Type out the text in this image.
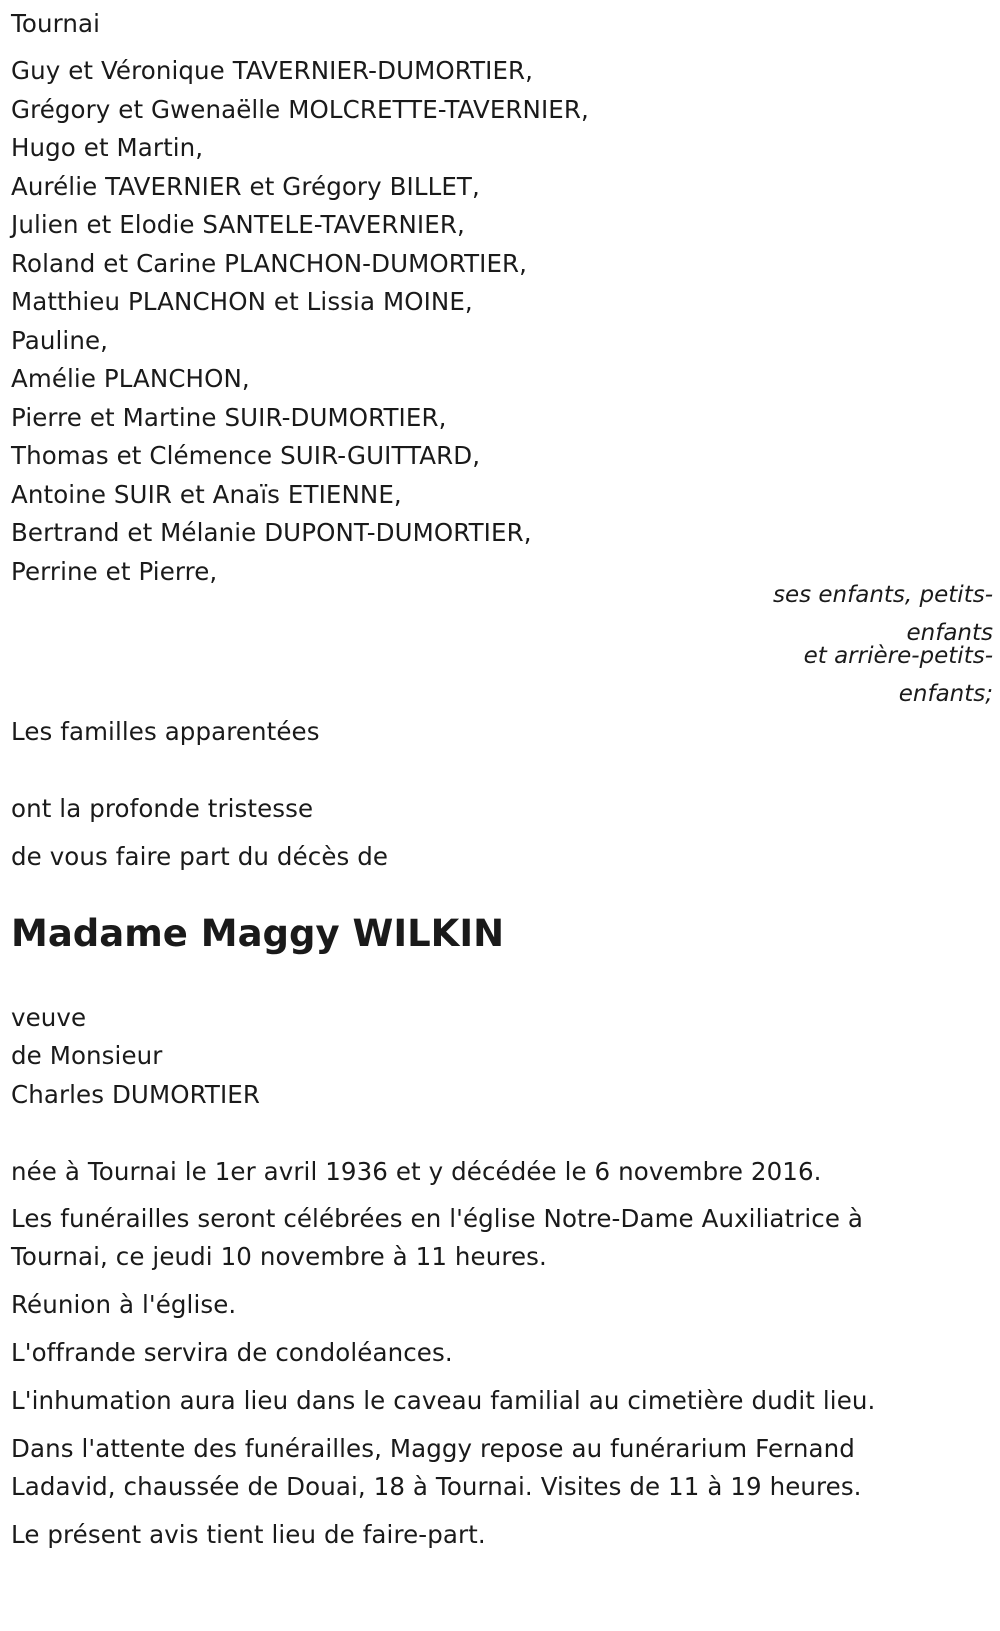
Tournai
Guy et Véronique TAVERNIER-DUMORTIER,
Grégory et Gwenaëlle MOLCRETTE-TAVERNIER,
Hugo et Martin,
Aurélie TAVERNIER et Grégory BILLET,
Julien et Elodie SANTELE-TAVERNIER,
Roland et Carine PLANCHON-DUMORTIER,
Matthieu PLANCHON et Lissia MOINE,
Pauline,
Amélie PLANCHON,
Pierre et Martine SUIR-DUMORTIER,
Thomas et Clémence SUIR-GUITTARD,
Antoine SUIR et Anaïs ETIENNE,
Bertrand et Mélanie DUPONT-DUMORTIER,
Perrine et Pierre,
ses enfants, petits-
enfants
et arrière-petits-
enfants;
Les familles apparentées
ont la profonde tristesse
de vous faire part du décès de
Madame Maggy WILKIN
veuve
de Monsieur
Charles DUMORTIER
née à Tournai le 1er avril 1936 et y décédée le 6 novembre 2016.
Les funérailles seront célébrées en l'église Notre-Dame Auxiliatrice à
Tournai, ce jeudi 10 novembre à 11 heures.
Réunion à l'église.
L'offrande servira de condoléances.
L'inhumation aura lieu dans le caveau familial au cimetière dudit lieu.
Dans l'attente des funérailles, Maggy repose au funérarium Fernand
Ladavid, chaussée de Douai, 18 à Tournai. Visites de 11 à 19 heures.
Le présent avis tient lieu de faire-part.
